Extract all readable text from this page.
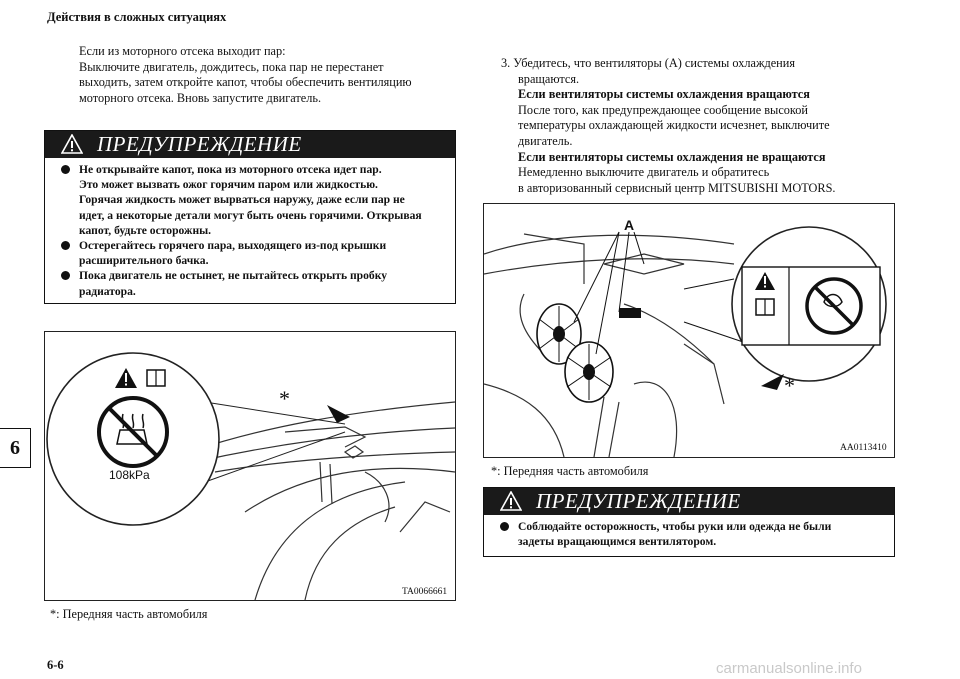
Действия в сложных ситуациях
6
Если из моторного отсека выходит пар:
Выключите двигатель, дождитесь, пока пар не перестанет
выходить, затем откройте капот, чтобы обеспечить вентиляцию
моторного отсека. Вновь запустите двигатель.
ПРЕДУПРЕЖДЕНИЕ
Не открывайте капот, пока из моторного отсека идет пар.
Это может вызвать ожог горячим паром или жидкостью.
Горячая жидкость может вырваться наружу, даже если пар не
идет, а некоторые детали могут быть очень горячими. Открывая
капот, будьте осторожны.
Остерегайтесь горячего пара, выходящего из-под крышки
расширительного бачка.
Пока двигатель не остынет, не пытайтесь открыть пробку
радиатора.
*
108kPa
TA0066661
*: Передняя часть автомобиля
3. Убедитесь, что вентиляторы (A) системы охлаждения
вращаются.
Если вентиляторы системы охлаждения вращаются
После того, как предупреждающее сообщение высокой
температуры охлаждающей жидкости исчезнет, выключите
двигатель.
Если вентиляторы системы охлаждения не вращаются
Немедленно выключите двигатель и обратитесь
в авторизованный сервисный центр MITSUBISHI MOTORS.
A
*
AA0113410
*: Передняя часть автомобиля
ПРЕДУПРЕЖДЕНИЕ
Соблюдайте осторожность, чтобы руки или одежда не были
задеты вращающимся вентилятором.
6-6	carmanualsonline.info
